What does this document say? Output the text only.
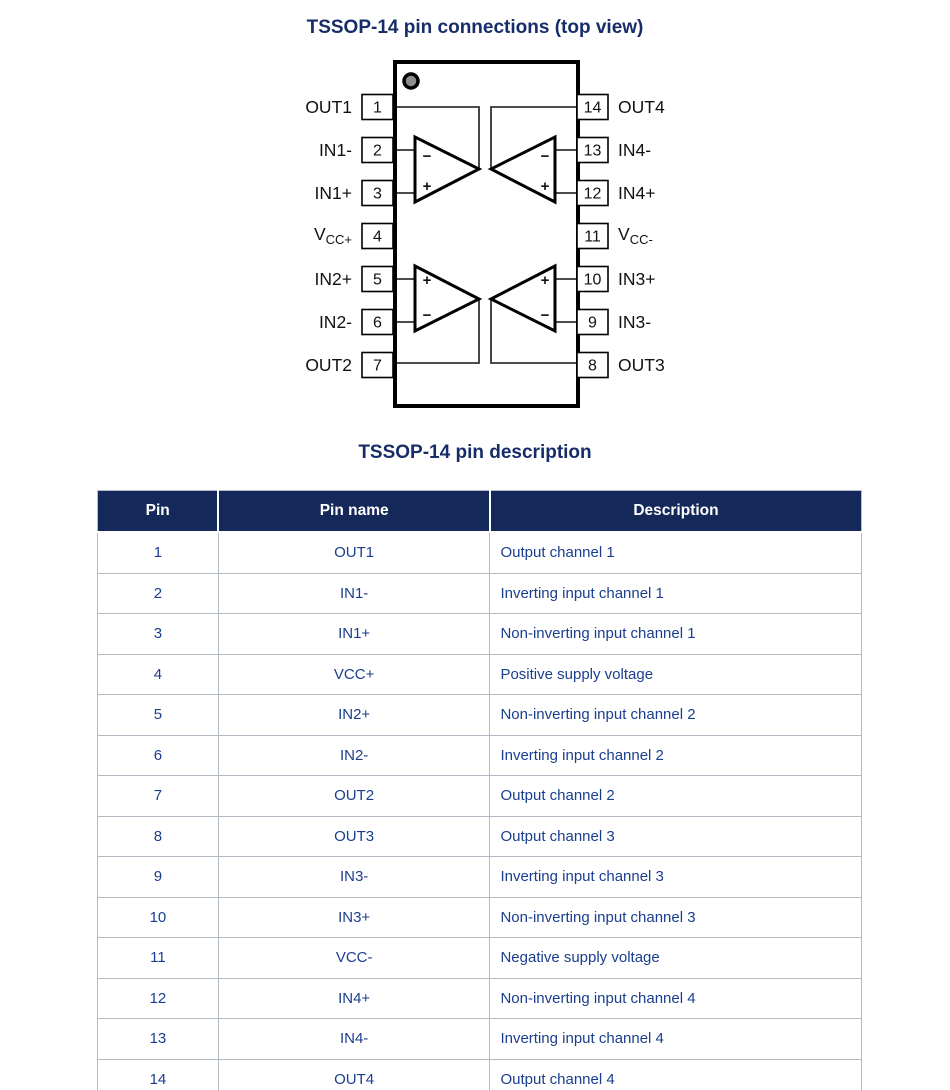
TSSOP-14 pin connections (top view)
−
+
−
+
+
−
+
−
1
2
3
4
5
6
7
14
13
12
11
10
9
8
OUT1
IN1-
IN1+
$V_{CC+}$
IN2+
IN2-
OUT2
OUT4
IN4-
IN4+
$V_{CC-}$
IN3+
IN3-
OUT3
TSSOP-14 pin description
Pin	Pin name	Description
1	OUT1	Output channel 1
2	IN1-	Inverting input channel 1
3	IN1+	Non-inverting input channel 1
4	VCC+	Positive supply voltage
5	IN2+	Non-inverting input channel 2
6	IN2-	Inverting input channel 2
7	OUT2	Output channel 2
8	OUT3	Output channel 3
9	IN3-	Inverting input channel 3
10	IN3+	Non-inverting input channel 3
11	VCC-	Negative supply voltage
12	IN4+	Non-inverting input channel 4
13	IN4-	Inverting input channel 4
14	OUT4	Output channel 4
